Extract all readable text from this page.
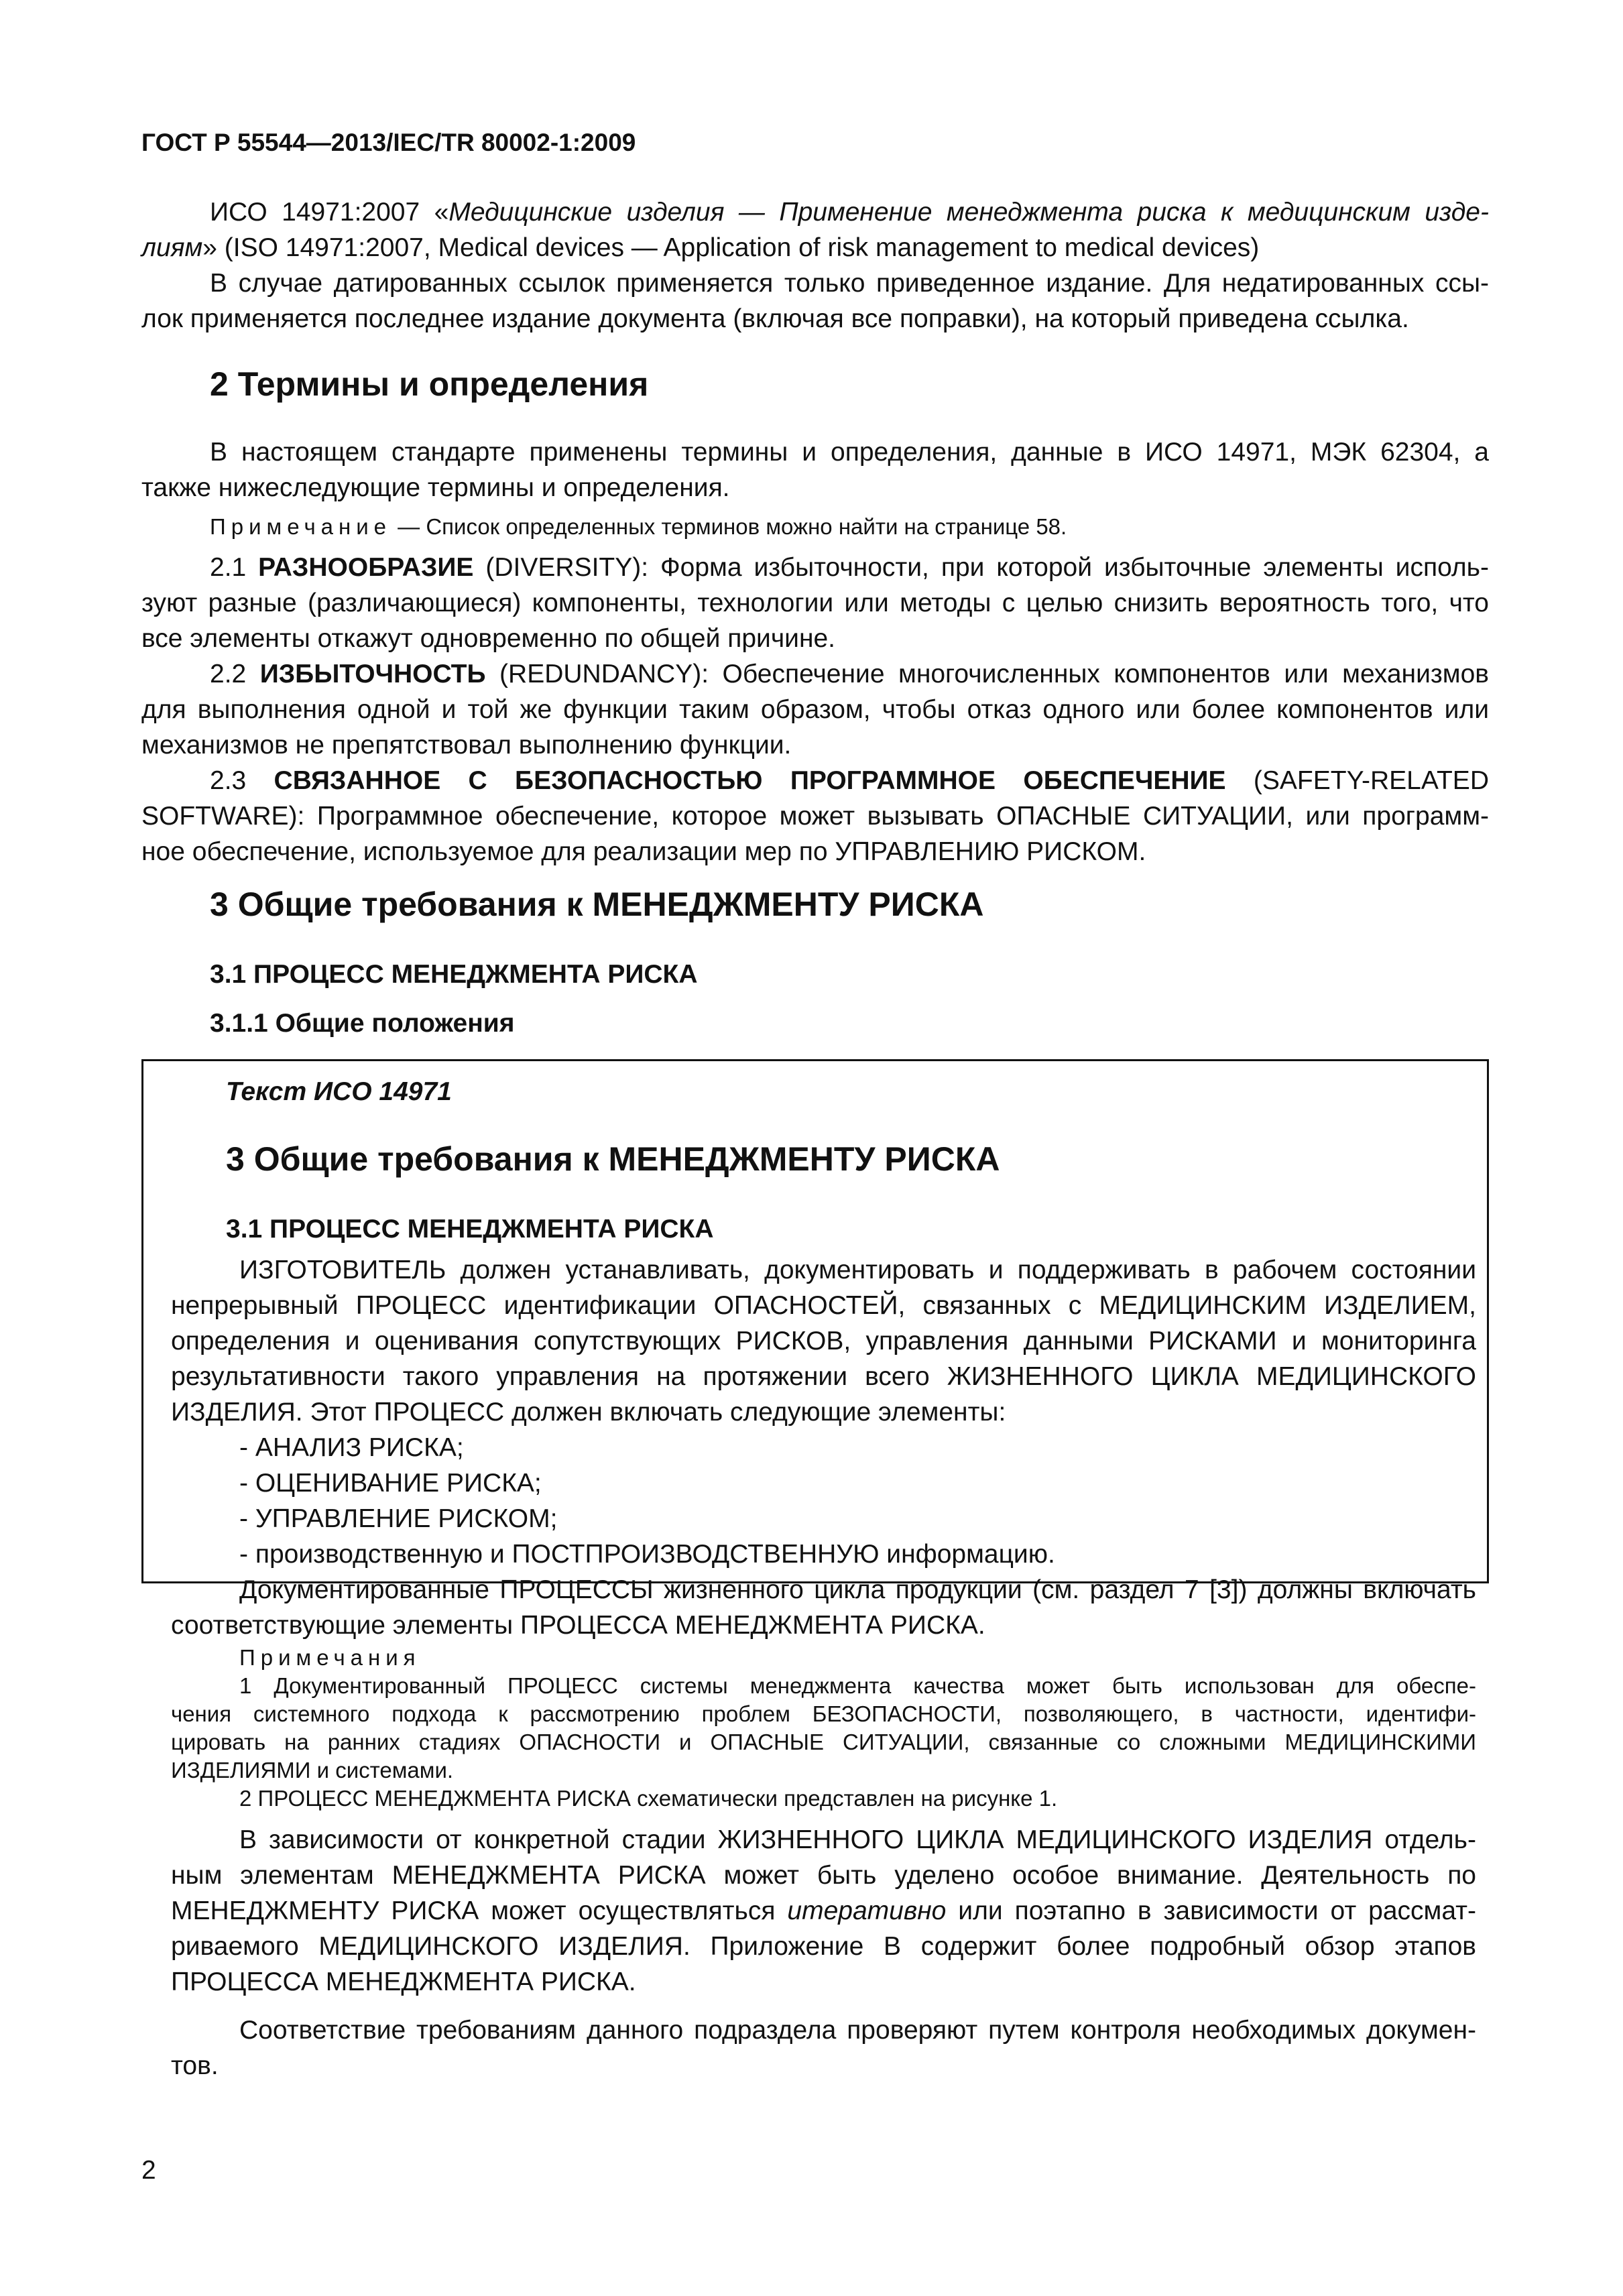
ГОСТ Р 55544—2013/IEC/TR 80002-1:2009

ИСО 14971:2007 «Медицинские изделия — Применение менеджмента риска к медицинским изде-

лиям» (ISO 14971:2007, Medical devices — Application of risk management to medical devices)

В случае датированных ссылок применяется только приведенное издание. Для недатированных ссы-

лок применяется последнее издание документа (включая все поправки), на который приведена ссылка.

2 Термины и определения

В настоящем стандарте применены термины и определения, данные в ИСО 14971, МЭК 62304, а

также нижеследующие термины и определения.

Примечание — Список определенных терминов можно найти на странице 58.

2.1 РАЗНООБРАЗИЕ (DIVERSITY): Форма избыточности, при которой избыточные элементы исполь-

зуют разные (различающиеся) компоненты, технологии или методы с целью снизить вероятность того, что

все элементы откажут одновременно по общей причине.

2.2 ИЗБЫТОЧНОСТЬ (REDUNDANCY): Обеспечение многочисленных компонентов или механизмов

для выполнения одной и той же функции таким образом, чтобы отказ одного или более компонентов или

механизмов не препятствовал выполнению функции.

2.3 СВЯЗАННОЕ С БЕЗОПАСНОСТЬЮ ПРОГРАММНОЕ ОБЕСПЕЧЕНИЕ (SAFETY-RELATED

SOFTWARE): Программное обеспечение, которое может вызывать ОПАСНЫЕ СИТУАЦИИ, или программ-

ное обеспечение, используемое для реализации мер по УПРАВЛЕНИЮ РИСКОМ.

3 Общие требования к МЕНЕДЖМЕНТУ РИСКА
3.1 ПРОЦЕСС МЕНЕДЖМЕНТА РИСКА
3.1.1 Общие положения
Текст ИСО 14971
3 Общие требования к МЕНЕДЖМЕНТУ РИСКА
3.1 ПРОЦЕСС МЕНЕДЖМЕНТА РИСКА

ИЗГОТОВИТЕЛЬ должен устанавливать, документировать и поддерживать в рабочем состоянии

непрерывный ПРОЦЕСС идентификации ОПАСНОСТЕЙ, связанных с МЕДИЦИНСКИМ ИЗДЕЛИЕМ,

определения и оценивания сопутствующих РИСКОВ, управления данными РИСКАМИ и мониторинга

результативности такого управления на протяжении всего ЖИЗНЕННОГО ЦИКЛА МЕДИЦИНСКОГО

ИЗДЕЛИЯ. Этот ПРОЦЕСС должен включать следующие элементы:

- АНАЛИЗ РИСКА;

- ОЦЕНИВАНИЕ РИСКА;

- УПРАВЛЕНИЕ РИСКОМ;

- производственную и ПОСТПРОИЗВОДСТВЕННУЮ информацию.

Документированные ПРОЦЕССЫ жизненного цикла продукции (см. раздел 7 [3]) должны включать

соответствующие элементы ПРОЦЕССА МЕНЕДЖМЕНТА РИСКА.

Примечания

1 Документированный ПРОЦЕСС системы менеджмента качества может быть использован для обеспе-

чения системного подхода к рассмотрению проблем БЕЗОПАСНОСТИ, позволяющего, в частности, идентифи-

цировать на ранних стадиях ОПАСНОСТИ и ОПАСНЫЕ СИТУАЦИИ, связанные со сложными МЕДИЦИНСКИМИ

ИЗДЕЛИЯМИ и системами.

2 ПРОЦЕСС МЕНЕДЖМЕНТА РИСКА схематически представлен на рисунке 1.

В зависимости от конкретной стадии ЖИЗНЕННОГО ЦИКЛА МЕДИЦИНСКОГО ИЗДЕЛИЯ отдель-

ным элементам МЕНЕДЖМЕНТА РИСКА может быть уделено особое внимание. Деятельность по

МЕНЕДЖМЕНТУ РИСКА может осуществляться итеративно или поэтапно в зависимости от рассмат-

риваемого МЕДИЦИНСКОГО ИЗДЕЛИЯ. Приложение B содержит более подробный обзор этапов

ПРОЦЕССА МЕНЕДЖМЕНТА РИСКА.

Соответствие требованиям данного подраздела проверяют путем контроля необходимых докумен-

тов.

2
